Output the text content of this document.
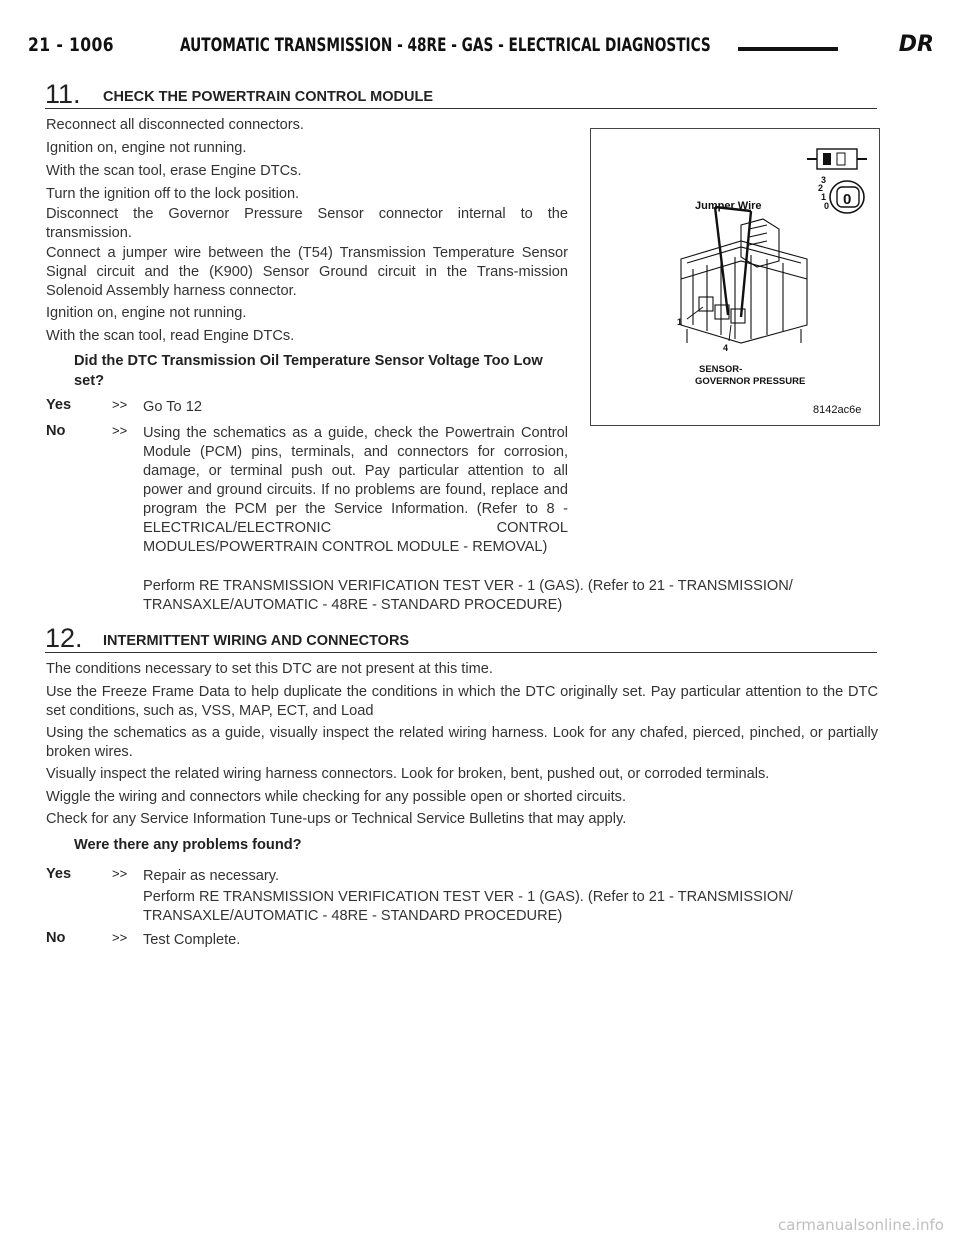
21 - 1006	AUTOMATIC TRANSMISSION - 48RE - GAS - ELECTRICAL DIAGNOSTICS	DR
11. CHECK THE POWERTRAIN CONTROL MODULE

Reconnect all disconnected connectors.

Ignition on, engine not running.

With the scan tool, erase Engine DTCs.

Turn the ignition off to the lock position.

Disconnect the Governor Pressure Sensor connector internal to the transmission.

Connect a jumper wire between the (T54) Transmission Temperature Sensor Signal circuit and the (K900) Sensor Ground circuit in the Trans-mission Solenoid Assembly harness connector.

Ignition on, engine not running.

With the scan tool, read Engine DTCs.

Did the DTC Transmission Oil Temperature Sensor Voltage Too Low set?

Yes	>> Go To 12

No	>> Using the schematics as a guide, check the Powertrain Control Module (PCM) pins, terminals, and connectors for corrosion, damage, or terminal push out. Pay particular attention to all power and ground circuits. If no problems are found, replace and program the PCM per the Service Information. (Refer to 8 - ELECTRICAL/ELECTRONIC CONTROL MODULES/POWERTRAIN CONTROL MODULE - REMOVAL)

Perform RE TRANSMISSION VERIFICATION TEST VER - 1 (GAS). (Refer to 21 - TRANSMISSION/ TRANSAXLE/AUTOMATIC - 48RE - STANDARD PROCEDURE)

3
2
1
0 0
Jumper Wire
1
4
SENSOR-
GOVERNOR PRESSURE
8142ac6e
12. INTERMITTENT WIRING AND CONNECTORS

The conditions necessary to set this DTC are not present at this time.

Use the Freeze Frame Data to help duplicate the conditions in which the DTC originally set. Pay particular attention to the DTC set conditions, such as, VSS, MAP, ECT, and Load

Using the schematics as a guide, visually inspect the related wiring harness. Look for any chafed, pierced, pinched, or partially broken wires.

Visually inspect the related wiring harness connectors. Look for broken, bent, pushed out, or corroded terminals.

Wiggle the wiring and connectors while checking for any possible open or shorted circuits.

Check for any Service Information Tune-ups or Technical Service Bulletins that may apply.

Were there any problems found?

Yes	>> Repair as necessary.

Perform RE TRANSMISSION VERIFICATION TEST VER - 1 (GAS). (Refer to 21 - TRANSMISSION/ TRANSAXLE/AUTOMATIC - 48RE - STANDARD PROCEDURE)

No	>> Test Complete.

carmanualsonline.info
